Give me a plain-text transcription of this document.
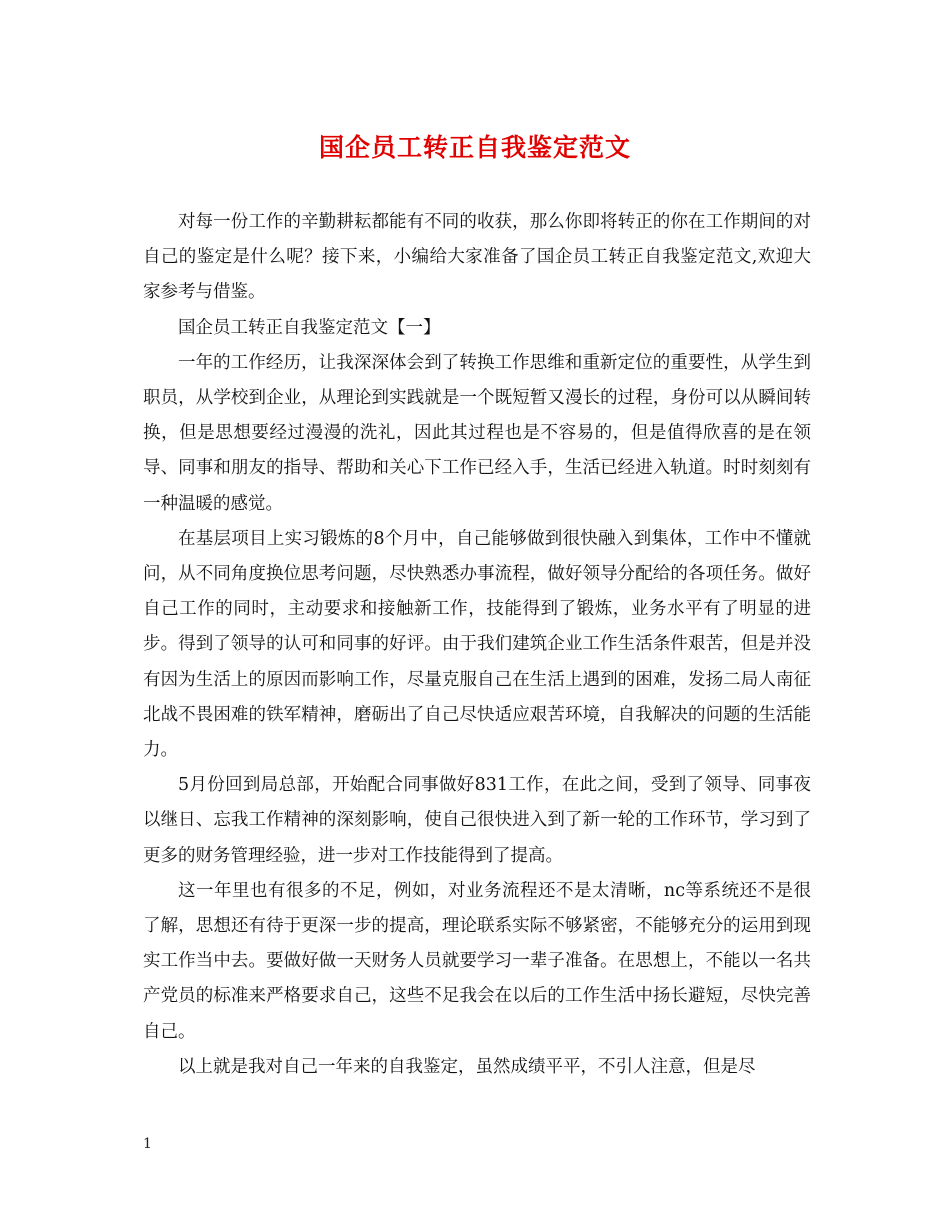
国企员工转正自我鉴定范文

对每一份工作的辛勤耕耘都能有不同的收获，那么你即将转正的你在工作期间的对自己的鉴定是什么呢？接下来，小编给大家准备了国企员工转正自我鉴定范文,欢迎大家参考与借鉴。

国企员工转正自我鉴定范文【一】

一年的工作经历，让我深深体会到了转换工作思维和重新定位的重要性，从学生到职员，从学校到企业，从理论到实践就是一个既短暂又漫长的过程，身份可以从瞬间转换，但是思想要经过漫漫的洗礼，因此其过程也是不容易的，但是值得欣喜的是在领导、同事和朋友的指导、帮助和关心下工作已经入手，生活已经进入轨道。时时刻刻有一种温暖的感觉。

在基层项目上实习锻炼的8个月中，自己能够做到很快融入到集体，工作中不懂就问，从不同角度换位思考问题，尽快熟悉办事流程，做好领导分配给的各项任务。做好自己工作的同时，主动要求和接触新工作，技能得到了锻炼，业务水平有了明显的进步。得到了领导的认可和同事的好评。由于我们建筑企业工作生活条件艰苦，但是并没有因为生活上的原因而影响工作，尽量克服自己在生活上遇到的困难，发扬二局人南征北战不畏困难的铁军精神，磨砺出了自己尽快适应艰苦环境，自我解决的问题的生活能力。

5月份回到局总部，开始配合同事做好831工作，在此之间，受到了领导、同事夜以继日、忘我工作精神的深刻影响，使自己很快进入到了新一轮的工作环节，学习到了更多的财务管理经验，进一步对工作技能得到了提高。

这一年里也有很多的不足，例如，对业务流程还不是太清晰，nc等系统还不是很了解，思想还有待于更深一步的提高，理论联系实际不够紧密，不能够充分的运用到现实工作当中去。要做好做一天财务人员就要学习一辈子准备。在思想上，不能以一名共产党员的标准来严格要求自己，这些不足我会在以后的工作生活中扬长避短，尽快完善自己。

以上就是我对自己一年来的自我鉴定，虽然成绩平平，不引人注意，但是尽

1
